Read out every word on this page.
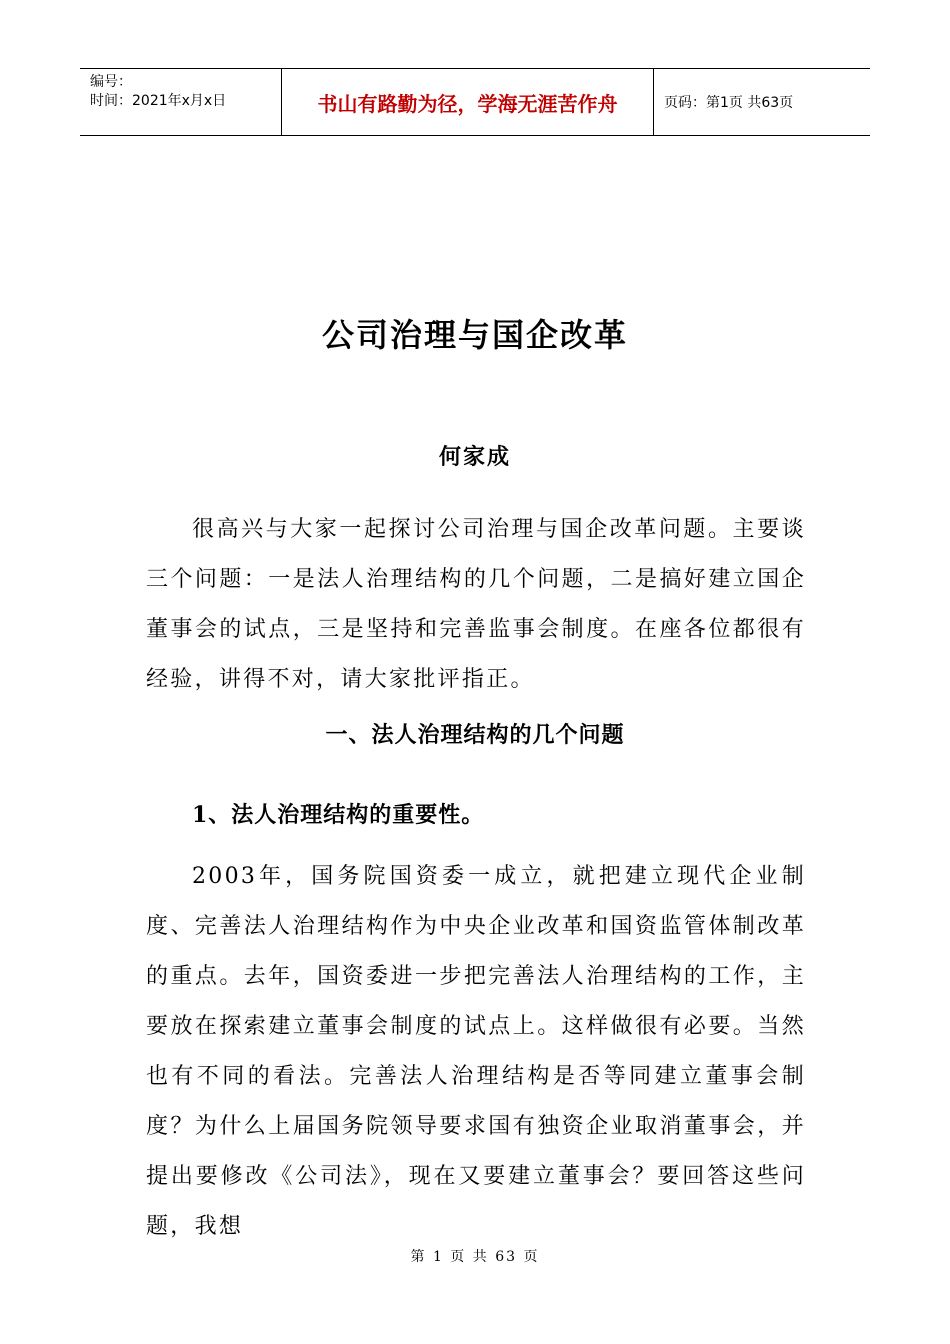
编号：
时间：2021年x月x日	书山有路勤为径，学海无涯苦作舟	页码：第1页 共63页
公司治理与国企改革
何家成

很高兴与大家一起探讨公司治理与国企改革问题。主要谈三个问题：一是法人治理结构的几个问题，二是搞好建立国企董事会的试点，三是坚持和完善监事会制度。在座各位都很有经验，讲得不对，请大家批评指正。

一、法人治理结构的几个问题
1、法人治理结构的重要性。

2003年，国务院国资委一成立，就把建立现代企业制度、完善法人治理结构作为中央企业改革和国资监管体制改革的重点。去年，国资委进一步把完善法人治理结构的工作，主要放在探索建立董事会制度的试点上。这样做很有必要。当然也有不同的看法。完善法人治理结构是否等同建立董事会制度？为什么上届国务院领导要求国有独资企业取消董事会，并提出要修改《公司法》，现在又要建立董事会？要回答这些问题，我想

第 1 页 共 63 页
